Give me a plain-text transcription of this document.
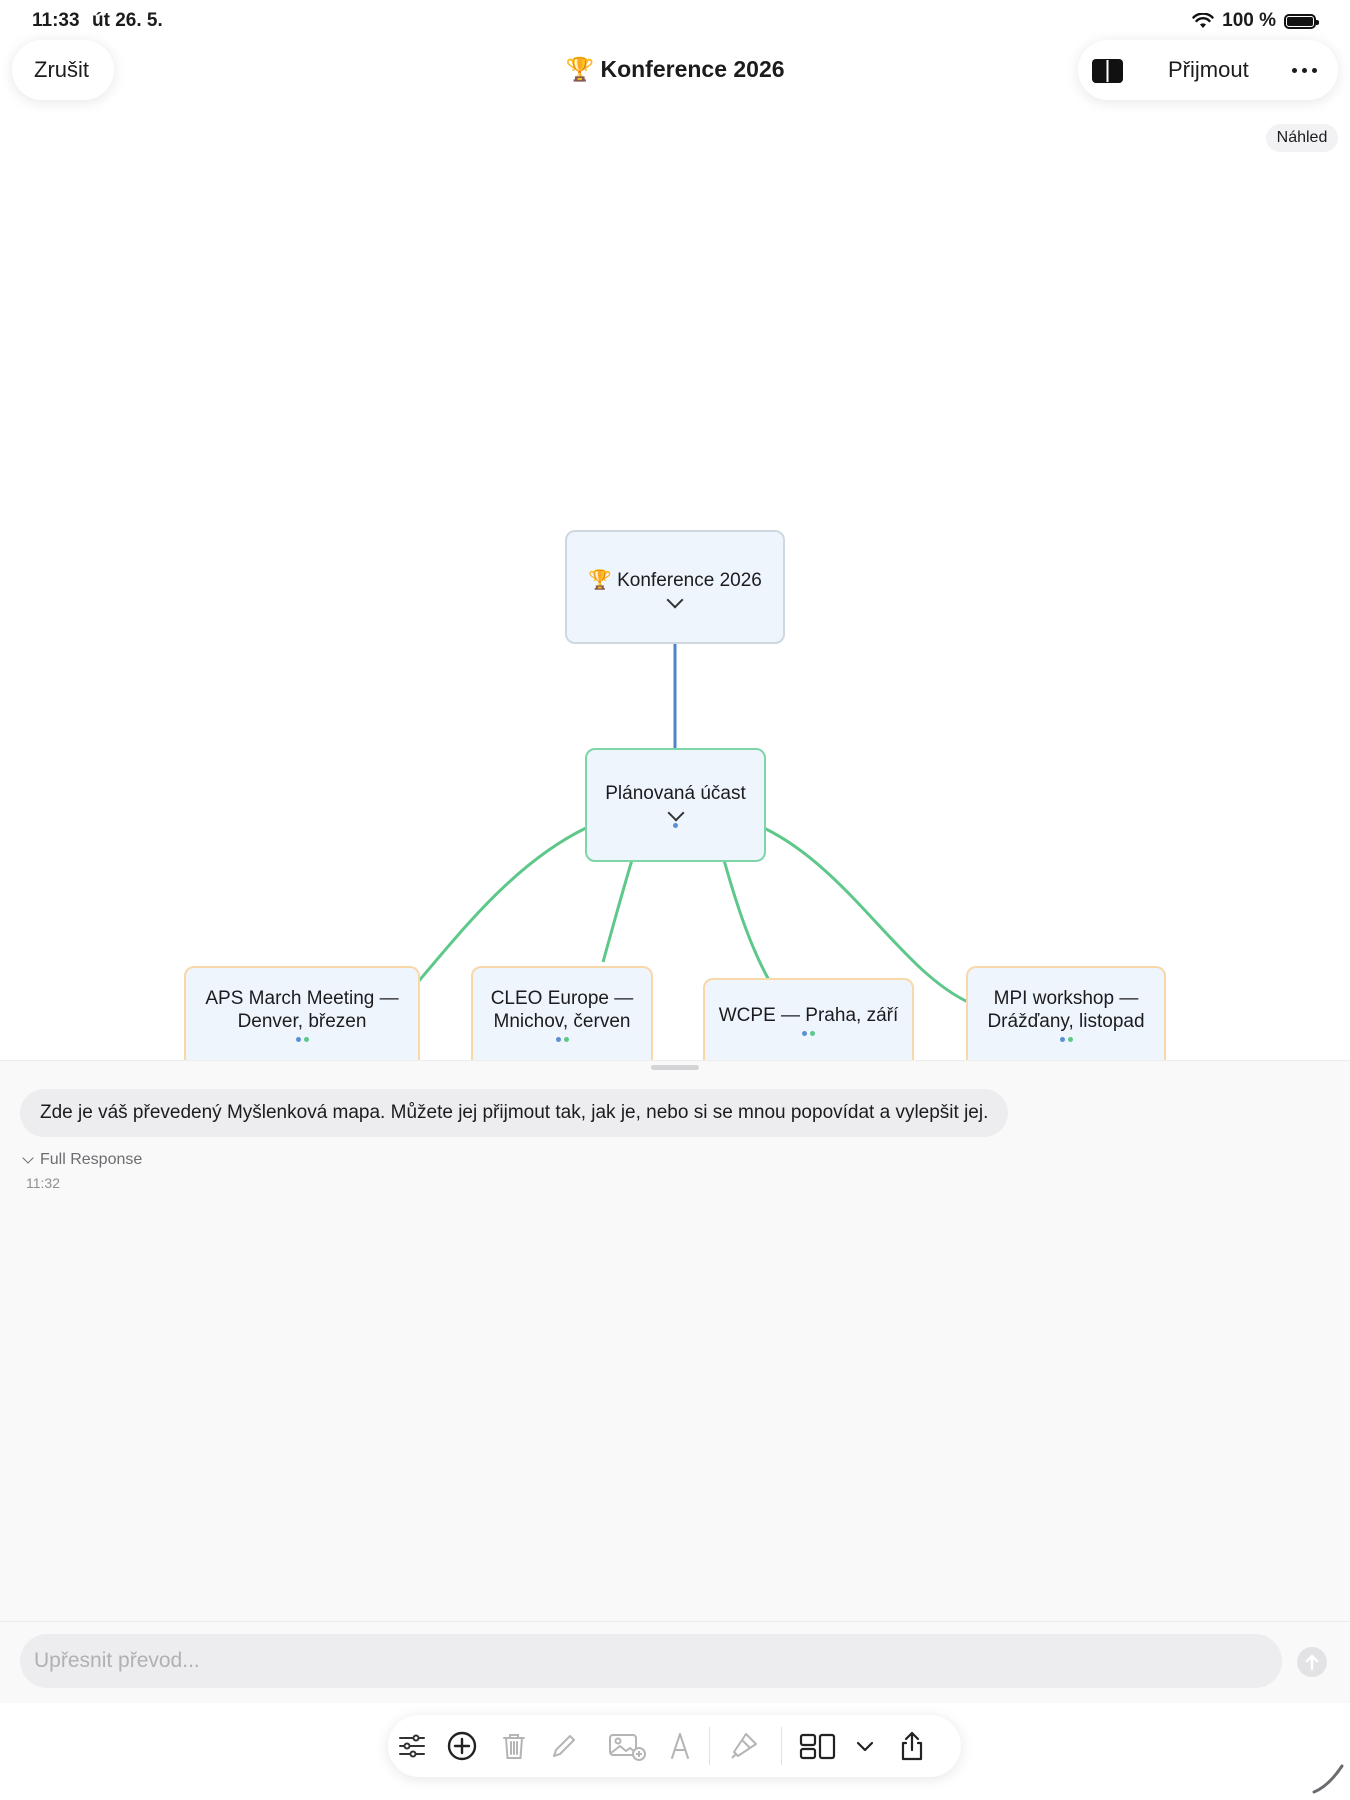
11:33 út 26. 5.	100 %
Zrušit	🏆 Konference 2026	Přijmout
Náhled
🏆 Konference 2026
Plánovaná účast
APS March Meeting —
Denver, březen
CLEO Europe —
Mnichov, červen	WCPE — Praha, září
MPI workshop —
Drážďany, listopad
Zde je váš převedený Myšlenková mapa. Můžete jej přijmout tak, jak je, nebo si se mnou popovídat a vylepšit jej.
Full Response
11:32
Upřesnit převod...
